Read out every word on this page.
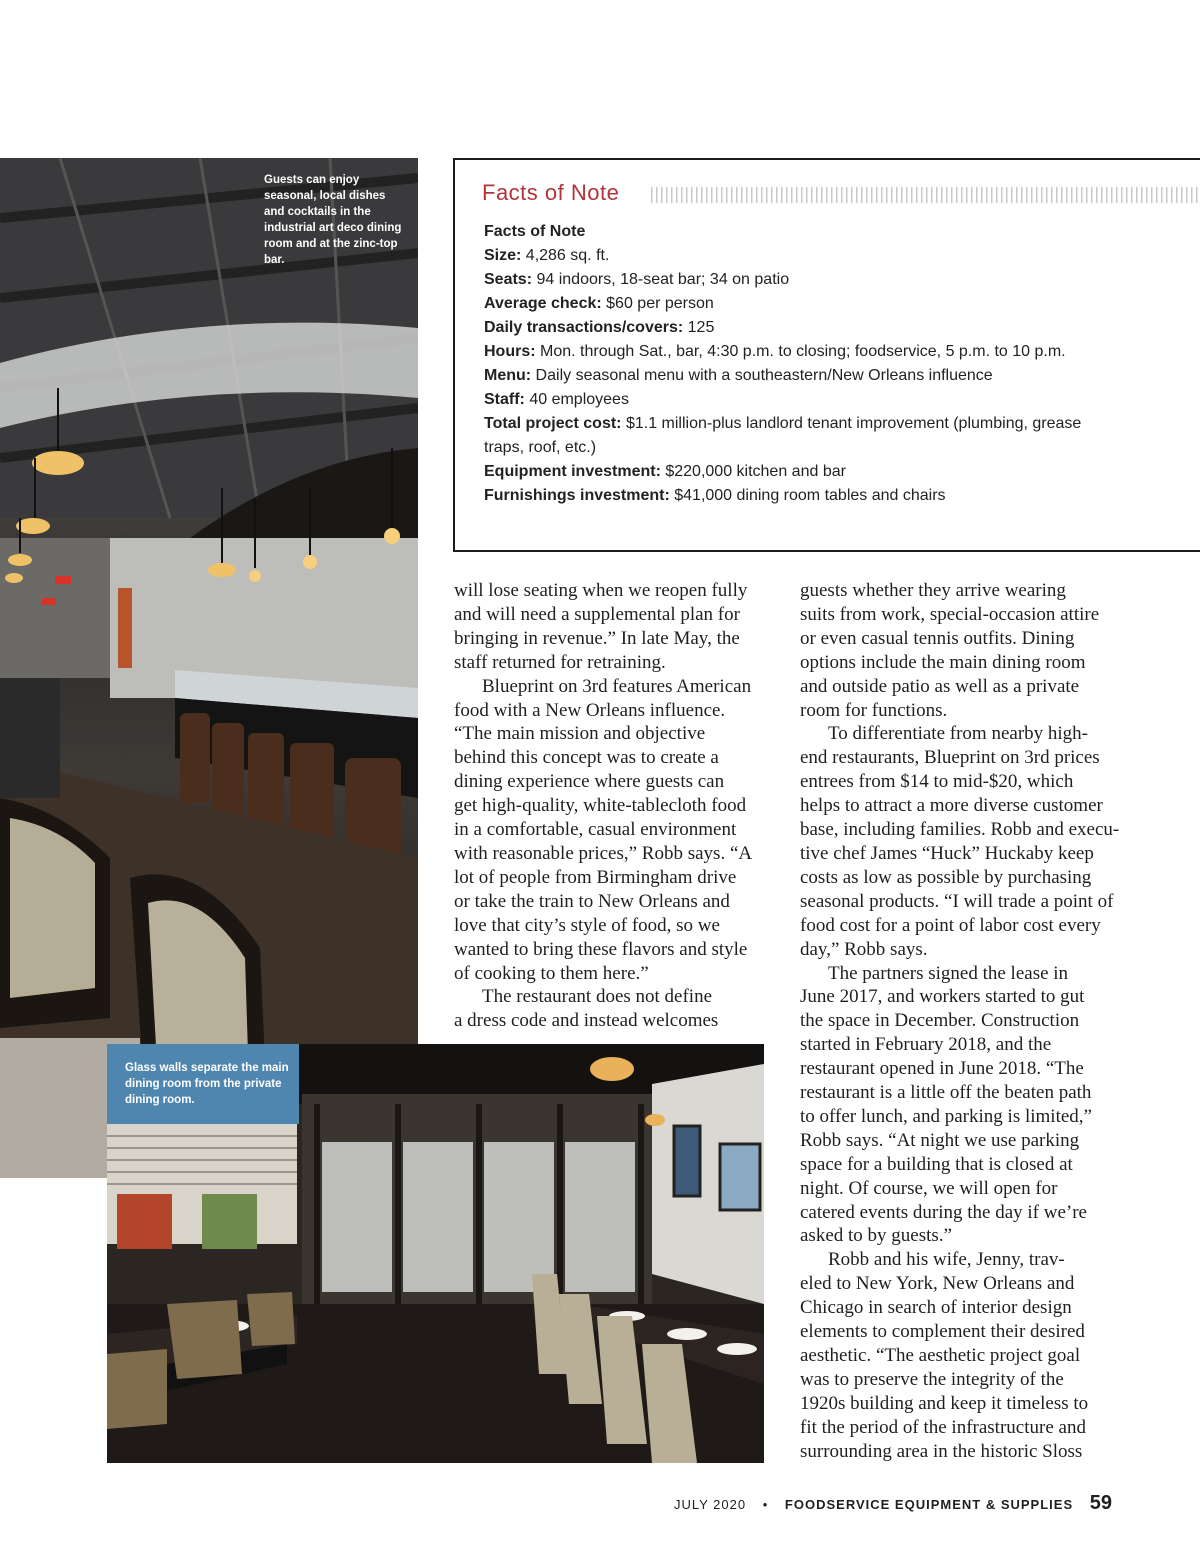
Guests can enjoy seasonal, local dishes and cocktails in the industrial art deco dining room and at the zinc-top bar.
Facts of Note
Facts of Note
Size: 4,286 sq. ft.
Seats: 94 indoors, 18-seat bar; 34 on patio
Average check: $60 per person
Daily transactions/covers: 125
Hours: Mon. through Sat., bar, 4:30 p.m. to closing; foodservice, 5 p.m. to 10 p.m.
Menu: Daily seasonal menu with a southeastern/New Orleans influence
Staff: 40 employees
Total project cost: $1.1 million-plus landlord tenant improvement (plumbing, grease traps, roof, etc.)
Equipment investment: $220,000 kitchen and bar
Furnishings investment: $41,000 dining room tables and chairs
will lose seating when we reopen fully
and will need a supplemental plan for
bringing in revenue.” In late May, the
staff returned for retraining.
Blueprint on 3rd features American
food with a New Orleans influence.
“The main mission and objective
behind this concept was to create a
dining experience where guests can
get high-quality, white-tablecloth food
in a comfortable, casual environment
with reasonable prices,” Robb says. “A
lot of people from Birmingham drive
or take the train to New Orleans and
love that city’s style of food, so we
wanted to bring these flavors and style
of cooking to them here.”
The restaurant does not define
a dress code and instead welcomes
guests whether they arrive wearing
suits from work, special-occasion attire
or even casual tennis outfits. Dining
options include the main dining room
and outside patio as well as a private
room for functions.
To differentiate from nearby high-
end restaurants, Blueprint on 3rd prices
entrees from $14 to mid-$20, which
helps to attract a more diverse customer
base, including families. Robb and execu-
tive chef James “Huck” Huckaby keep
costs as low as possible by purchasing
seasonal products. “I will trade a point of
food cost for a point of labor cost every
day,” Robb says.
The partners signed the lease in
June 2017, and workers started to gut
the space in December. Construction
started in February 2018, and the
restaurant opened in June 2018. “The
restaurant is a little off the beaten path
to offer lunch, and parking is limited,”
Robb says. “At night we use parking
space for a building that is closed at
night. Of course, we will open for
catered events during the day if we’re
asked to by guests.”
Robb and his wife, Jenny, trav-
eled to New York, New Orleans and
Chicago in search of interior design
elements to complement their desired
aesthetic. “The aesthetic project goal
was to preserve the integrity of the
1920s building and keep it timeless to
fit the period of the infrastructure and
surrounding area in the historic Sloss
Glass walls separate the main dining room from the private dining room.
JULY 2020 • FOODSERVICE EQUIPMENT & SUPPLIES 59
